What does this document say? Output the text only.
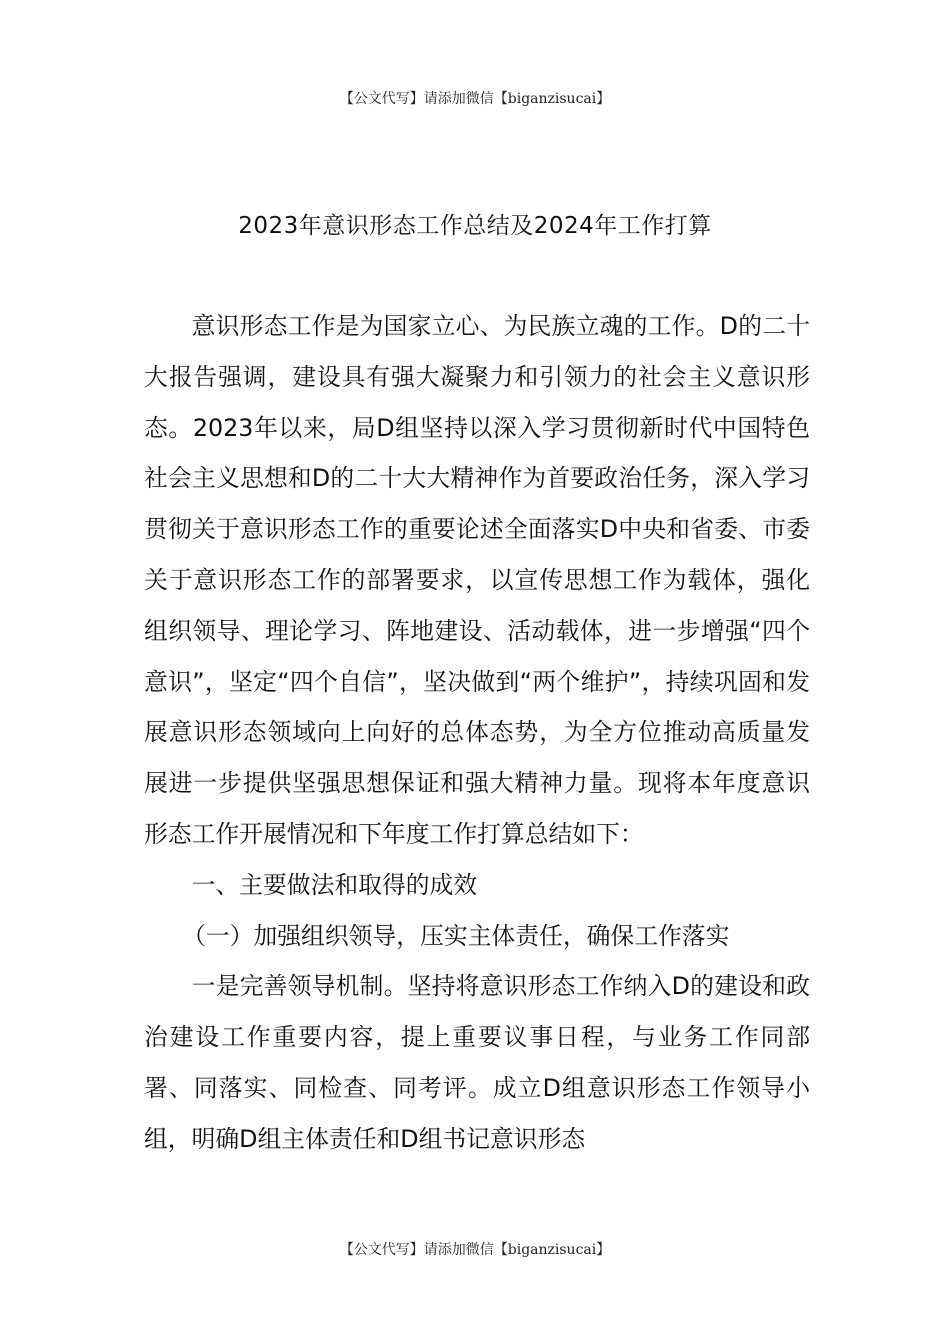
【公文代写】请添加微信【biganzisucai】
2023年意识形态工作总结及2024年工作打算

意识形态工作是为国家立心、为民族立魂的工作。D的二十大报告强调，建设具有强大凝聚力和引领力的社会主义意识形态。2023年以来，局D组坚持以深入学习贯彻新时代中国特色社会主义思想和D的二十大大精神作为首要政治任务，深入学习贯彻关于意识形态工作的重要论述全面落实D中央和省委、市委关于意识形态工作的部署要求，以宣传思想工作为载体，强化组织领导、理论学习、阵地建设、活动载体，进一步增强“四个意识”，坚定“四个自信”，坚决做到“两个维护”，持续巩固和发展意识形态领域向上向好的总体态势，为全方位推动高质量发展进一步提供坚强思想保证和强大精神力量。现将本年度意识形态工作开展情况和下年度工作打算总结如下：

一、主要做法和取得的成效

（一）加强组织领导，压实主体责任，确保工作落实

一是完善领导机制。坚持将意识形态工作纳入D的建设和政治建设工作重要内容，提上重要议事日程，与业务工作同部署、同落实、同检查、同考评。成立D组意识形态工作领导小组，明确D组主体责任和D组书记意识形态

【公文代写】请添加微信【biganzisucai】
